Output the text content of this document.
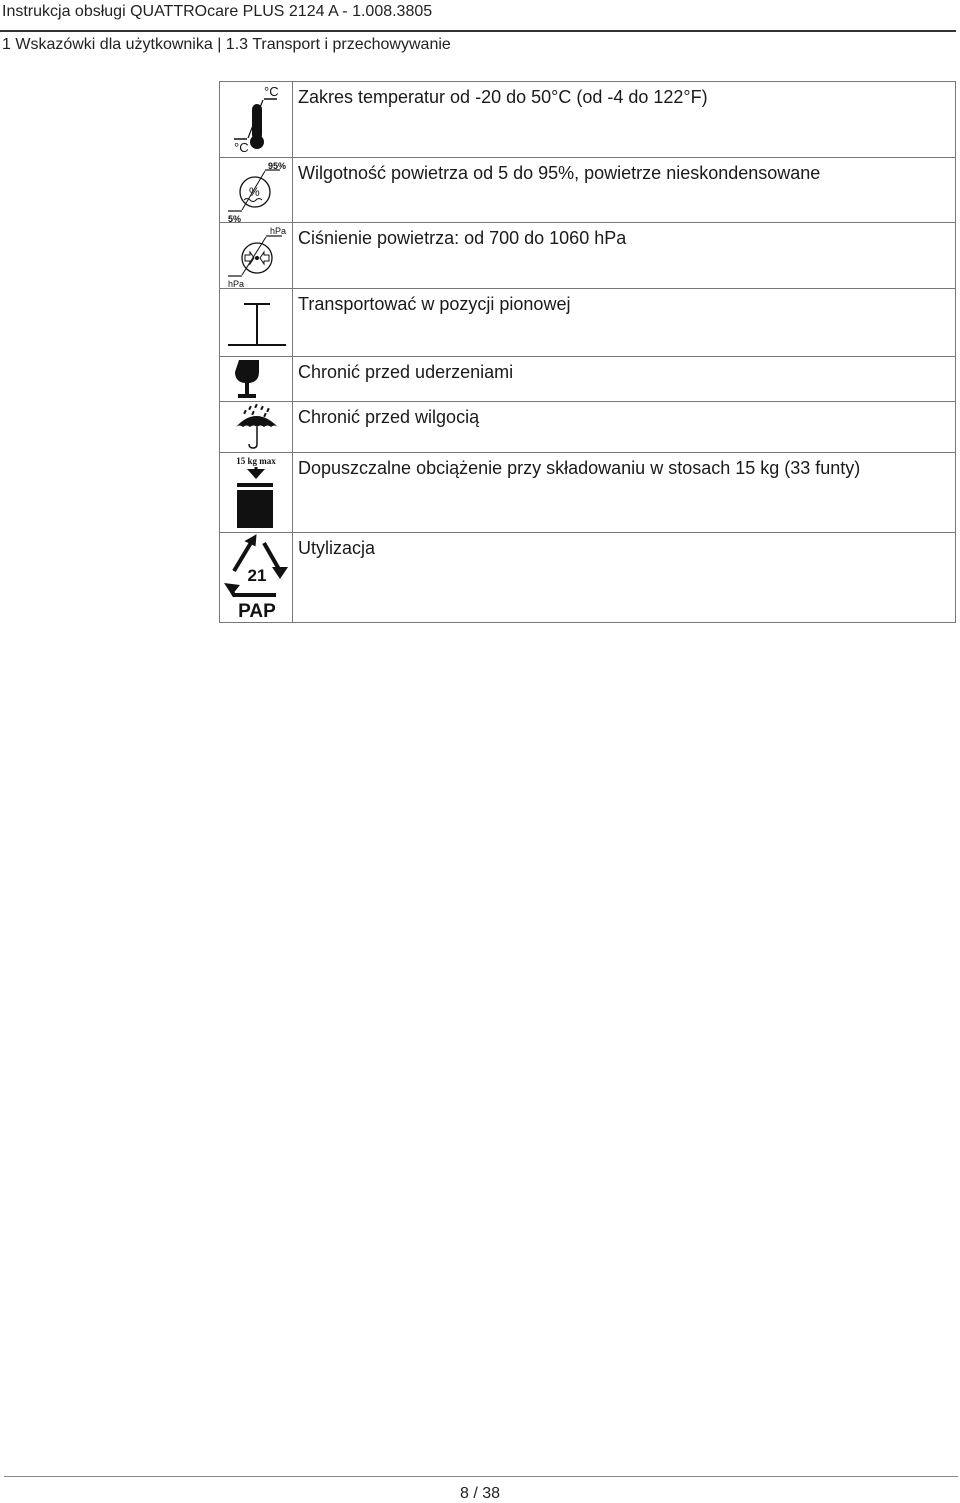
Instrukcja obsługi QUATTROcare PLUS 2124 A - 1.008.3805
1 Wskazówki dla użytkownika | 1.3 Transport i przechowywanie
°C
°C	Zakres temperatur od -20 do 50°C (od -4 do 122°F)

95%
5%
%	Wilgotność powietrza od 5 do 95%, powietrze nieskondensowane

hPa
hPa	Ciśnienie powietrza: od 700 do 1060 hPa

	Transportować w pozycji pionowej

	Chronić przed uderzeniami

	Chronić przed wilgocią

15 kg max	Dopuszczalne obciążenie przy składowaniu w stosach 15 kg (33 funty)

21
PAP	Utylizacja
8 / 38
